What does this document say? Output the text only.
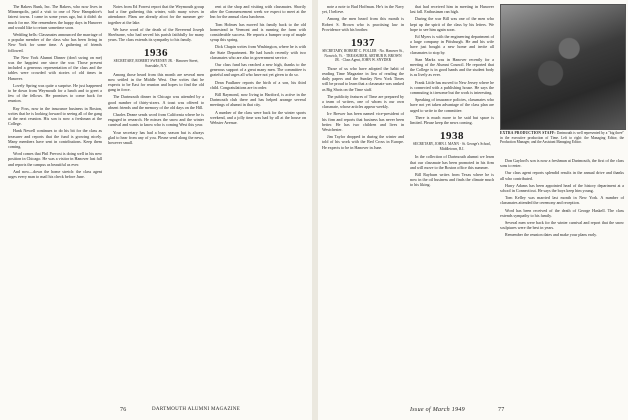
The Bakers Bunk, Inc. The Bakers, who now lives in Minneapolis, paid a visit to one of New Hampshire's fairest towns. I came in some years ago, but it didn't do much for me. She remembers the happy days in Hanover and would like to return sometime soon.

Wedding bells: Classmates announced the marriage of a popular member of the class who has been living in New York for some time. A gathering of friends followed.

The New York Alumni Dinner (don't swing on me) was the happiest one since the war. Those present included a generous representation of the class and the tables were crowded with stories of old times in Hanover.

Lovely Spring was quite a surprise. He just happened to be down from Weymouth for a lunch and to greet a few of the fellows. He promises to come back for reunion.

Ray Foss, now in the insurance business in Boston, writes that he is looking forward to seeing all of the gang at the next reunion. His son is now a freshman at the College.

Hank Newell continues to do his bit for the class as treasurer and reports that the fund is growing nicely. Many members have sent in contributions. Keep them coming.

Word comes that Phil Prevost is doing well in his new position in Chicago. He was a visitor in Hanover last fall and reports the campus as beautiful as ever.

And now—down the home stretch: the class agent urges every man to mail his check before June.

Notes from Ed Forrest report that the Weymouth group had a fine gathering this winter, with many wives in attendance. Plans are already afoot for the summer get-together at the lake.

We have word of the death of the Reverend Joseph Sherburne, who had served his parish faithfully for many years. The class extends its sympathy to his family.

1936
SECRETARY, ROBERT SWEENEY JR. · Hanover Street, Scarsdale, N.Y.

Among those heard from this month are several men now settled in the Middle West. One writes that he expects to be East for reunion and hopes to find the old gang in force.

The Dartmouth dinner in Chicago was attended by a good number of thirty-sixers. A toast was offered to absent friends and the memory of the old days on the Hill.

Charles Deane sends word from California where he is engaged in research. He misses the snow and the winter carnival and wants to know who is coming West this year.

Your secretary has had a busy season but is always glad to hear from any of you. Please send along the news, however small.

rent at the shop and visiting with classmates. Shortly after the Commencement week we expect to meet at the Inn for the annual class luncheon.

Tom Holmes has moved his family back to the old homestead in Vermont and is running the farm with considerable success. He reports a bumper crop of maple syrup this spring.

Dick Chapin writes from Washington, where he is with the State Department. He had lunch recently with two classmates who are also in government service.

Our class fund has reached a new high, thanks to the generous support of a great many men. The committee is grateful and urges all who have not yet given to do so.

Dean Faulkner reports the birth of a son, his third child. Congratulations are in order.

Bill Raymond, now living in Hartford, is active in the Dartmouth club there and has helped arrange several meetings of alumni in that city.

A number of the class were back for the winter sports weekend, and a jolly time was had by all at the house on Webster Avenue.

76	DARTMOUTH ALUMNI MAGAZINE

note a note to Bud Hoffman. He's in the Navy yet, I believe.

Among the men heard from this month is Robert S. Brown who is practising law in Providence with his brother.

1937
SECRETARY, ROBERT C. POLLER · No. Hanover St., Norwich, Vt. · TREASURER, ARTHUR B. BROWN JR. · Class Agent, JOHN W. SNYDER

Those of us who have adopted the habit of reading Time Magazine in lieu of reading the daily papers and the Sunday New York Times will be proud to learn that a classmate was ranked as Big Shots on the Time staff.

The publicity features of Time are prepared by a team of writers, one of whom is our own classmate, whose articles appear weekly.

Irv Brewer has been named vice-president of his firm and reports that business has never been better. He has two children and lives in Westchester.

Jim Taylor dropped in during the winter and told of his work with the Red Cross in Europe. He expects to be in Hanover in June.

that had received him in meeting in Hanover last fall. Enthusiasm ran high.

During the war Bill was one of the men who kept up the spirit of the class by his letters. We hope to see him again soon.

Ed Myers is with the engineering department of a large company in Pittsburgh. He and his wife have just bought a new home and invite all classmates to stop by.

Stan Marks was in Hanover recently for a meeting of the Alumni Council. He reported that the College is in good hands and the student body is as lively as ever.

Frank Little has moved to New Jersey where he is connected with a publishing house. He says the commuting is tiresome but the work is interesting.

Speaking of insurance policies, classmates who have not yet taken advantage of the class plan are urged to write to the committee.

There is much more to be said but space is limited. Please keep the news coming.

1938
SECRETARY, JOHN J. MANN · St. George's School, Middletown, R.I.

In the collection of Dartmouth alumni we learn that our classmate has been promoted in his firm and will move to the Boston office this summer.

Bill Rayburn writes from Texas where he is now in the oil business and finds the climate much to his liking.

Don Gaylord's son is now a freshman at Dartmouth, the first of the class sons to enter.

Our class agent reports splendid results in the annual drive and thanks all who contributed.

Harry Adams has been appointed head of the history department at a school in Connecticut. He says the boys keep him young.

Tom Kelley was married last month in New York. A number of classmates attended the ceremony and reception.

Word has been received of the death of George Haskell. The class extends sympathy to his family.

Several men were back for the winter carnival and report that the snow sculptures were the best in years.

Remember the reunion dates and make your plans early.

Issue of March 1949	77
EXTRA PRODUCTION STAFF: Dartmouth is well represented by a "big three" in the executive production of Time. Left to right: the Managing Editor, the Production Manager, and the Assistant Managing Editor.
